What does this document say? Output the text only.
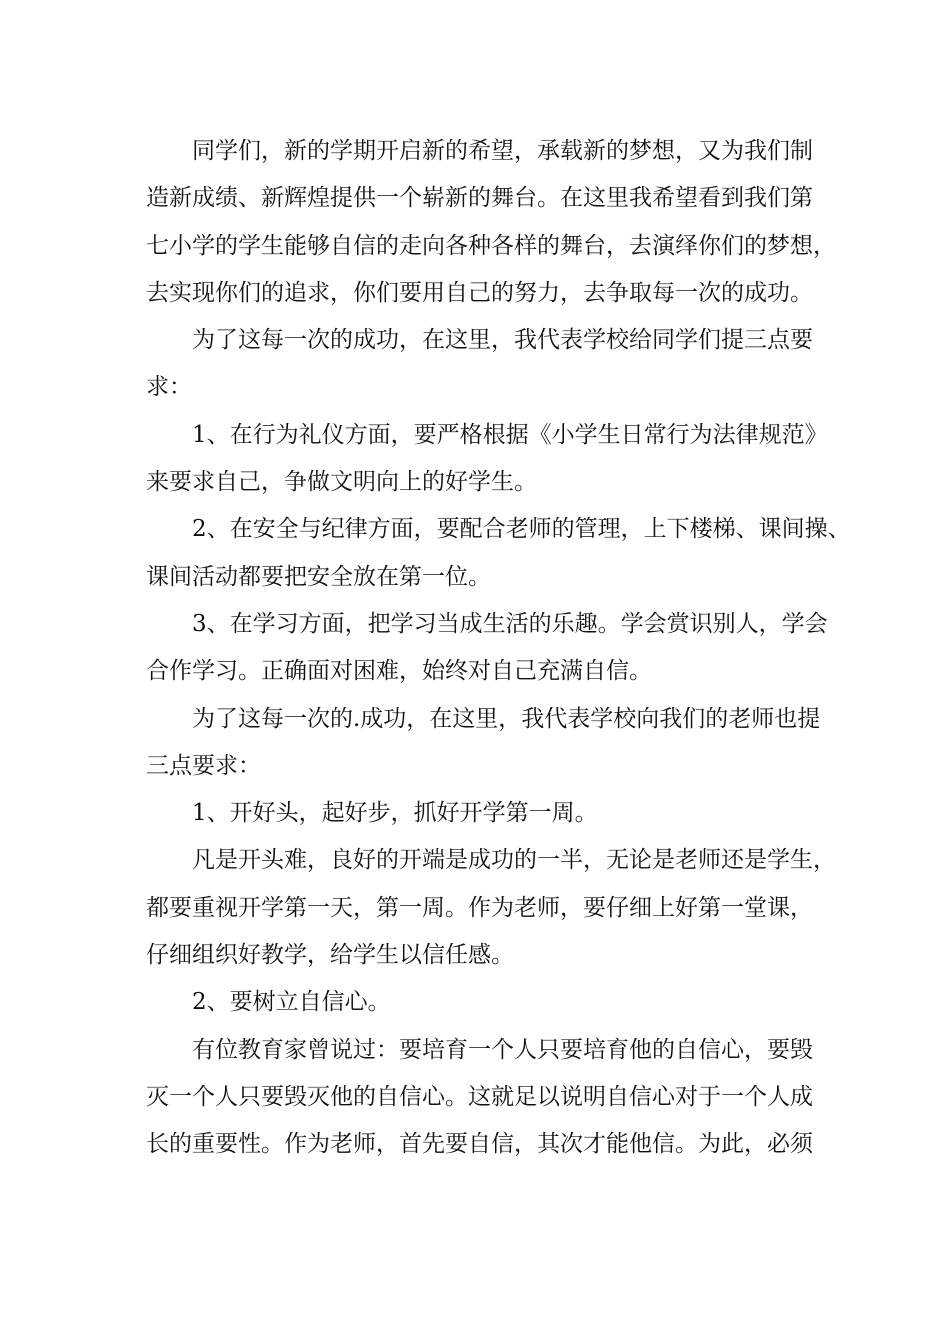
同学们，新的学期开启新的希望，承载新的梦想，又为我们制
造新成绩、新辉煌提供一个崭新的舞台。在这里我希望看到我们第
七小学的学生能够自信的走向各种各样的舞台，去演绎你们的梦想，
去实现你们的追求，你们要用自己的努力，去争取每一次的成功。
为了这每一次的成功，在这里，我代表学校给同学们提三点要
求：
1、在行为礼仪方面，要严格根据《小学生日常行为法律规范》
来要求自己，争做文明向上的好学生。
2、在安全与纪律方面，要配合老师的管理，上下楼梯、课间操、
课间活动都要把安全放在第一位。
3、在学习方面，把学习当成生活的乐趣。学会赏识别人，学会
合作学习。正确面对困难，始终对自己充满自信。
为了这每一次的.成功，在这里，我代表学校向我们的老师也提
三点要求：
1、开好头，起好步，抓好开学第一周。
凡是开头难，良好的开端是成功的一半，无论是老师还是学生，
都要重视开学第一天，第一周。作为老师，要仔细上好第一堂课，
仔细组织好教学，给学生以信任感。
2、要树立自信心。
有位教育家曾说过：要培育一个人只要培育他的自信心，要毁
灭一个人只要毁灭他的自信心。这就足以说明自信心对于一个人成
长的重要性。作为老师，首先要自信，其次才能他信。为此，必须
